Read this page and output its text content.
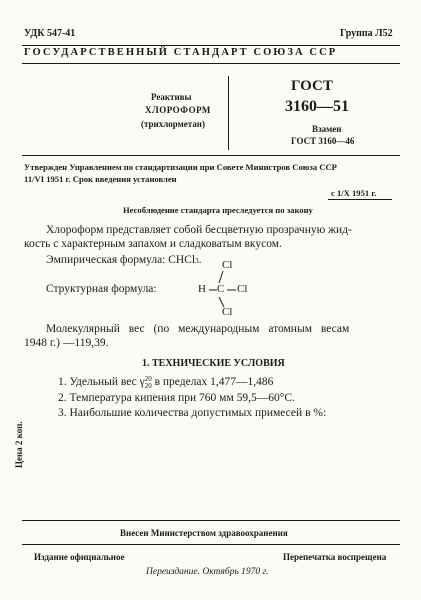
УДК 547-41	Группа Л52
ГОСУДАРСТВЕННЫЙ СТАНДАРТ СОЮЗА ССР
Реактивы
ХЛОРОФОРМ
(трихлорметан)
ГОСТ
3160—51
Взамен
ГОСТ 3160—46
Утвержден Управлением по стандартизации при Совете Министров Союза ССР
11/VI 1951 г. Срок введения установлен
с 1/X 1951 г.
Несоблюдение стандарта преследуется по закону
Хлороформ представляет собой бесцветную прозрачную жид-
кость с характерным запахом и сладковатым вкусом.
Эмпирическая формула: CHCl3.
Структурная формула:
Cl
H C Cl
Cl
Молекулярный вес (по международным атомным весам
1948 г.) —119,39.
1. ТЕХНИЧЕСКИЕ УСЛОВИЯ
1. Удельный вес γ 20
20 в пределах 1,477—1,486
2. Температура кипения при 760 мм 59,5—60°С.
3. Наибольшие количества допустимых примесей в %:
Цена 2 коп.
Внесен Министерством здравоохранения
Издание официальное	Перепечатка воспрещена
Переиздание. Октябрь 1970 г.
